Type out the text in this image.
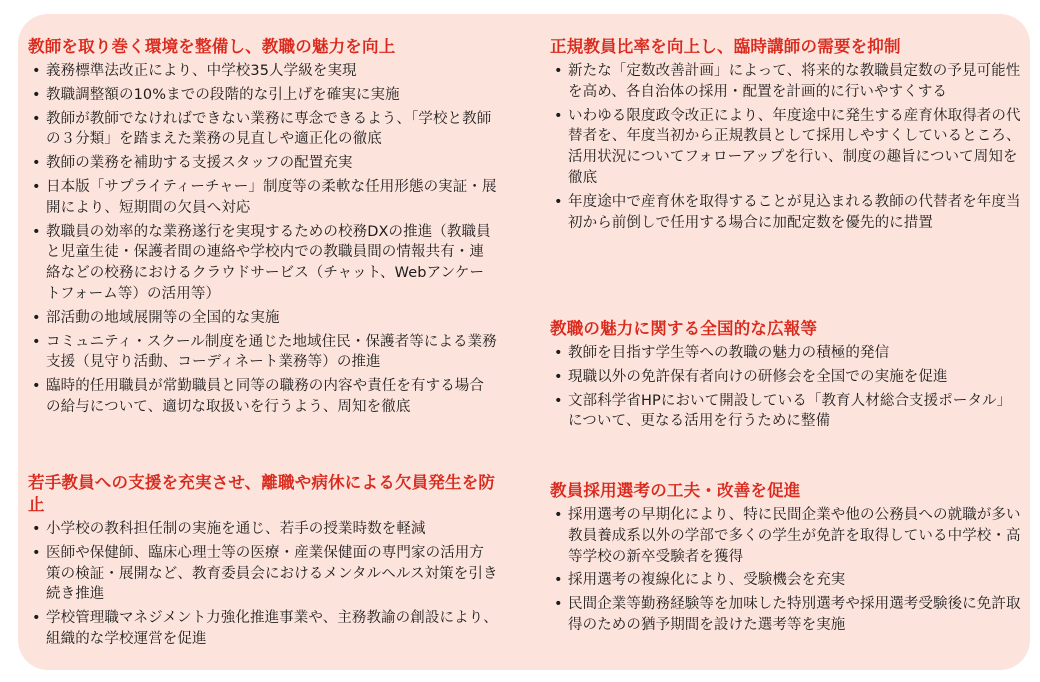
教師を取り巻く環境を整備し、教職の魅力を向上
• 義務標準法改正により、中学校35人学級を実現
• 教職調整額の10%までの段階的な引上げを確実に実施
• 教師が教師でなければできない業務に専念できるよう、「学校と教師の３分類」を踏まえた業務の見直しや適正化の徹底
• 教師の業務を補助する支援スタッフの配置充実
• 日本版「サプライティーチャー」制度等の柔軟な任用形態の実証・展開により、短期間の欠員へ対応
• 教職員の効率的な業務遂行を実現するための校務DXの推進（教職員と児童生徒・保護者間の連絡や学校内での教職員間の情報共有・連絡などの校務におけるクラウドサービス（チャット、Webアンケートフォーム等）の活用等）
• 部活動の地域展開等の全国的な実施
• コミュニティ・スクール制度を通じた地域住民・保護者等による業務支援（見守り活動、コーディネート業務等）の推進
• 臨時的任用職員が常勤職員と同等の職務の内容や責任を有する場合の給与について、適切な取扱いを行うよう、周知を徹底
若手教員への支援を充実させ、離職や病休による欠員発生を防止
• 小学校の教科担任制の実施を通じ、若手の授業時数を軽減
• 医師や保健師、臨床心理士等の医療・産業保健面の専門家の活用方策の検証・展開など、教育委員会におけるメンタルヘルス対策を引き続き推進
• 学校管理職マネジメント力強化推進事業や、主務教諭の創設により、組織的な学校運営を促進
正規教員比率を向上し、臨時講師の需要を抑制
• 新たな「定数改善計画」によって、将来的な教職員定数の予見可能性を高め、各自治体の採用・配置を計画的に行いやすくする
• いわゆる限度政令改正により、年度途中に発生する産育休取得者の代替者を、年度当初から正規教員として採用しやすくしているところ、活用状況についてフォローアップを行い、制度の趣旨について周知を徹底
• 年度途中で産育休を取得することが見込まれる教師の代替者を年度当初から前倒しで任用する場合に加配定数を優先的に措置
教職の魅力に関する全国的な広報等
• 教師を目指す学生等への教職の魅力の積極的発信
• 現職以外の免許保有者向けの研修会を全国での実施を促進
• 文部科学省HPにおいて開設している「教育人材総合支援ポータル」について、更なる活用を行うために整備
教員採用選考の工夫・改善を促進
• 採用選考の早期化により、特に民間企業や他の公務員への就職が多い教員養成系以外の学部で多くの学生が免許を取得している中学校・高等学校の新卒受験者を獲得
• 採用選考の複線化により、受験機会を充実
• 民間企業等勤務経験等を加味した特別選考や採用選考受験後に免許取得のための猶予期間を設けた選考等を実施
